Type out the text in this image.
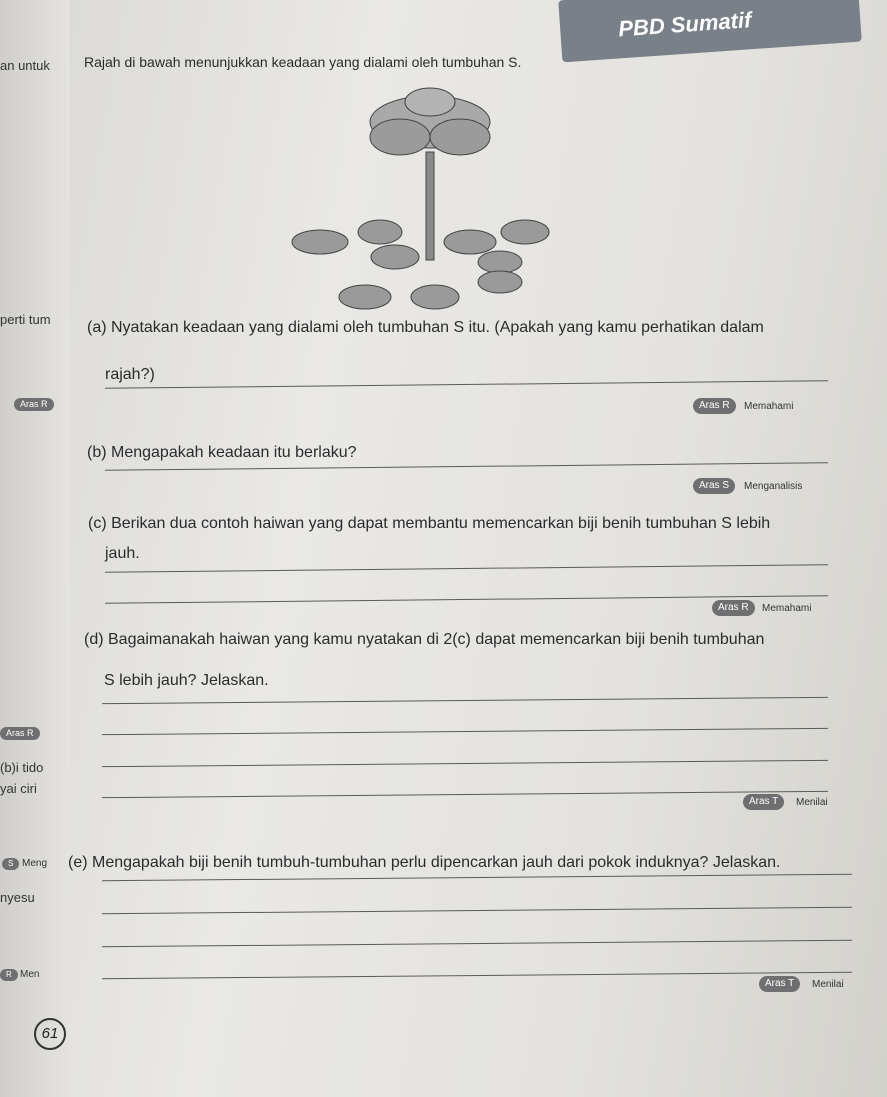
PBD Sumatif
an untuk
perti tum
Aras R
Aras R
(b)i tido
yai ciri
S Meng
nyesu
R Men
Rajah di bawah menunjukkan keadaan yang dialami oleh tumbuhan S.
(a) Nyatakan keadaan yang dialami oleh tumbuhan S itu. (Apakah yang kamu perhatikan dalam
rajah?)
Aras R	Memahami
(b) Mengapakah keadaan itu berlaku?
Aras S	Menganalisis
(c) Berikan dua contoh haiwan yang dapat membantu memencarkan biji benih tumbuhan S lebih
jauh.
Aras R	Memahami
(d) Bagaimanakah haiwan yang kamu nyatakan di 2(c) dapat memencarkan biji benih tumbuhan
S lebih jauh? Jelaskan.
Aras T	Menilai
(e) Mengapakah biji benih tumbuh-tumbuhan perlu dipencarkan jauh dari pokok induknya? Jelaskan.
Aras T	Menilai
61
